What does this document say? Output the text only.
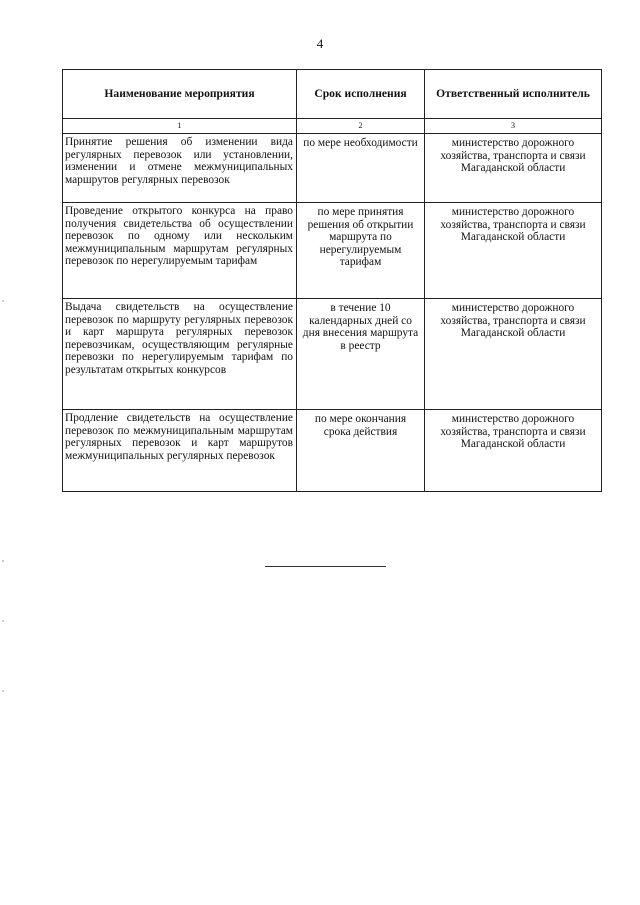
4
Наименование мероприятия	Срок исполнения	Ответственный исполнитель
1	2	3
Принятие решения об изменении вида регулярных перевозок или установлении, изменении и отмене межмуниципальных маршрутов регулярных перевозок	по мере необходимости	министерство дорожного хозяйства, транспорта и связи Магаданской области
Проведение открытого конкурса на право получения свидетельства об осуществлении перевозок по одному или нескольким межмуниципальным маршрутам регулярных перевозок по нерегулируемым тарифам	по мере принятия решения об открытии маршрута по нерегулируемым тарифам	министерство дорожного хозяйства, транспорта и связи Магаданской области
Выдача свидетельств на осуществление перевозок по маршруту регулярных перевозок и карт маршрута регулярных перевозок перевозчикам, осуществляющим регулярные перевозки по нерегулируемым тарифам по результатам открытых конкурсов	в течение 10 календарных дней со дня внесения маршрута в реестр	министерство дорожного хозяйства, транспорта и связи Магаданской области
Продление свидетельств на осуществление перевозок по межмуниципальным маршрутам регулярных перевозок и карт маршрутов межмуниципальных регулярных перевозок	по мере окончания срока действия	министерство дорожного хозяйства, транспорта и связи Магаданской области
